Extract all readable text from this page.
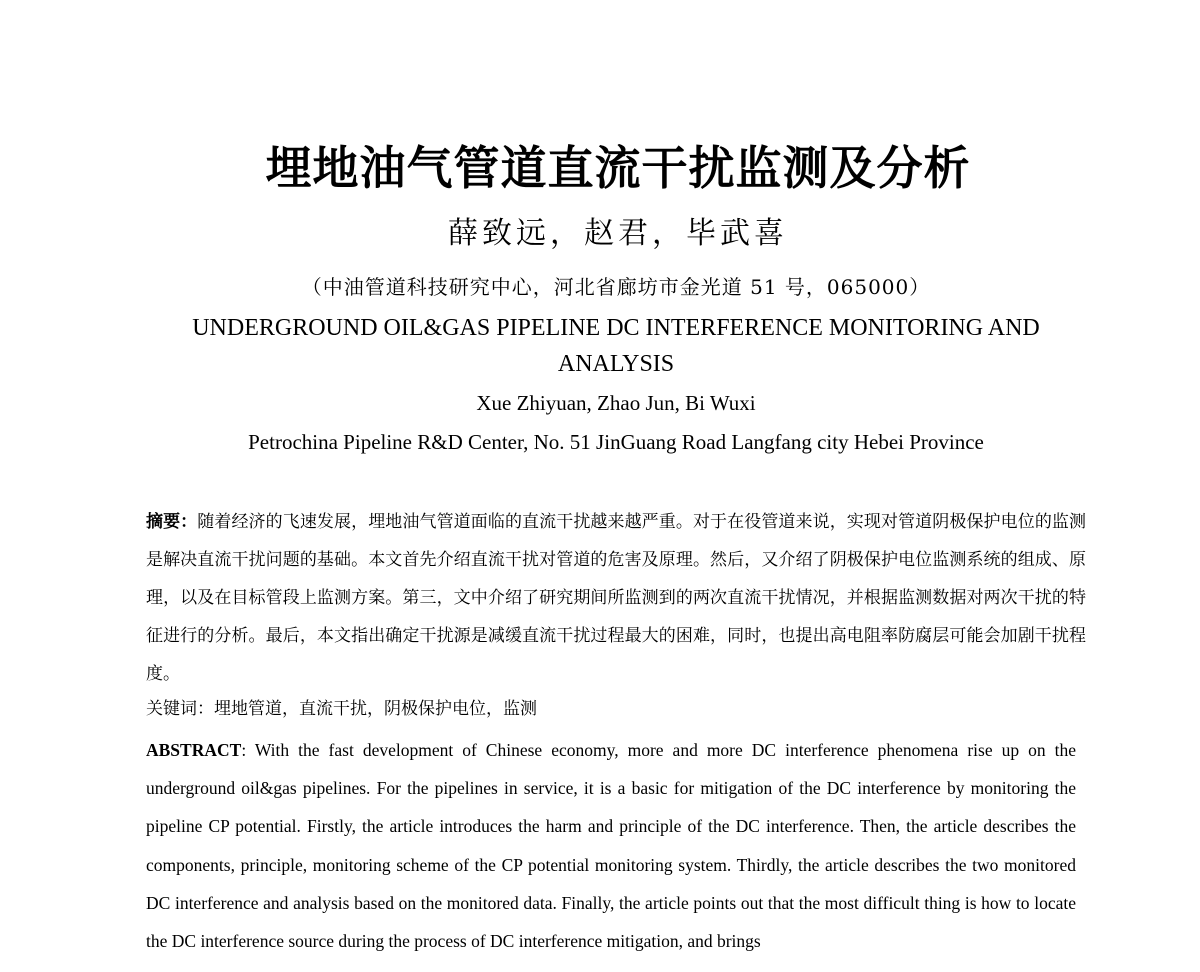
埋地油气管道直流干扰监测及分析
薛致远，赵君，毕武喜
（中油管道科技研究中心，河北省廊坊市金光道 51 号，065000）
UNDERGROUND OIL&GAS PIPELINE DC INTERFERENCE MONITORING AND
ANALYSIS
Xue Zhiyuan, Zhao Jun, Bi Wuxi
Petrochina Pipeline R&D Center, No. 51 JinGuang Road Langfang city Hebei Province
摘要：随着经济的飞速发展，埋地油气管道面临的直流干扰越来越严重。对于在役管道来说，实现对管道阴极保护电位的监测是解决直流干扰问题的基础。本文首先介绍直流干扰对管道的危害及原理。然后，又介绍了阴极保护电位监测系统的组成、原理，以及在目标管段上监测方案。第三，文中介绍了研究期间所监测到的两次直流干扰情况，并根据监测数据对两次干扰的特征进行的分析。最后，本文指出确定干扰源是减缓直流干扰过程最大的困难，同时，也提出高电阻率防腐层可能会加剧干扰程度。
关键词：埋地管道，直流干扰，阴极保护电位，监测
ABSTRACT: With the fast development of Chinese economy, more and more DC interference phenomena rise up on the underground oil&gas pipelines. For the pipelines in service, it is a basic for mitigation of the DC interference by monitoring the pipeline CP potential. Firstly, the article introduces the harm and principle of the DC interference. Then, the article describes the components, principle, monitoring scheme of the CP potential monitoring system. Thirdly, the article describes the two monitored DC interference and analysis based on the monitored data. Finally, the article points out that the most difficult thing is how to locate the DC interference source during the process of DC interference mitigation, and brings
